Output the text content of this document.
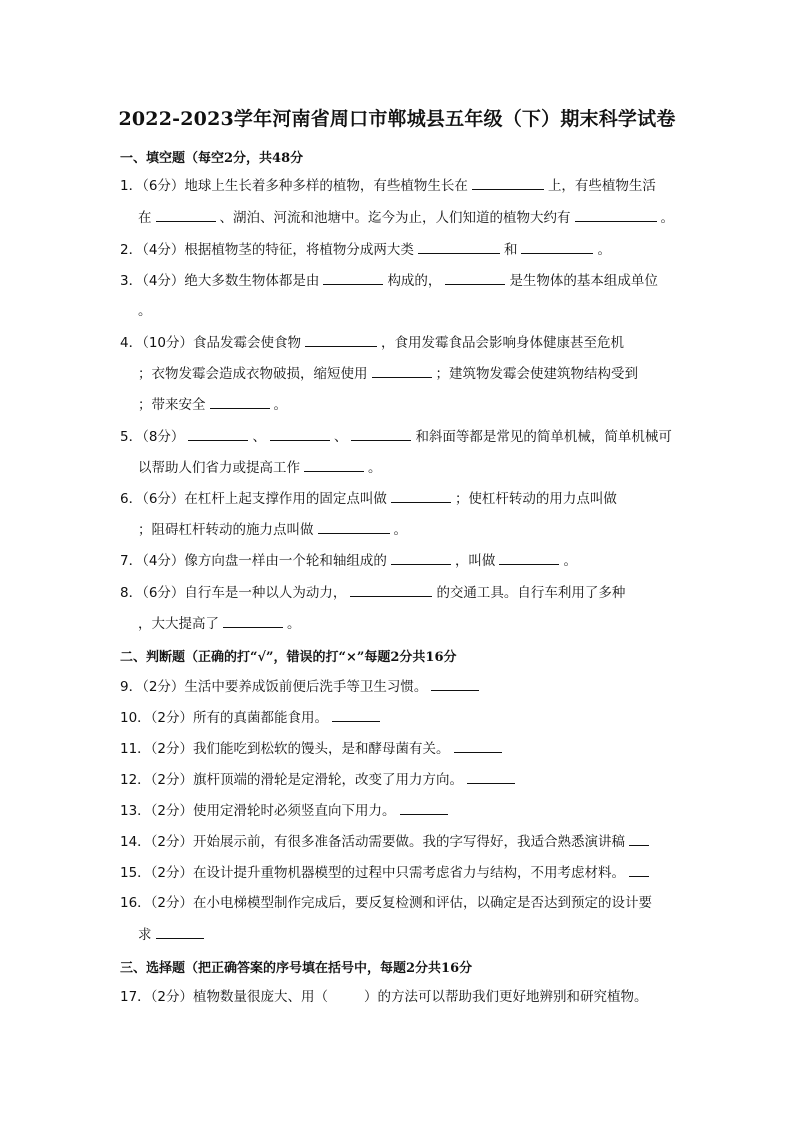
2022-2023学年河南省周口市郸城县五年级（下）期末科学试卷
一、填空题（每空2分，共48分
1．（6分）地球上生长着多种多样的植物，有些植物生长在	上，有些植物生活
在	、湖泊、河流和池塘中。迄今为止，人们知道的植物大约有	。
2．（4分）根据植物茎的特征，将植物分成两大类	和	。
3．（4分）绝大多数生物体都是由	构成的，	是生物体的基本组成单位
。
4．（10分）食品发霉会使食物	，食用发霉食品会影响身体健康甚至危机
；衣物发霉会造成衣物破损，缩短使用	；建筑物发霉会使建筑物结构受到
；带来安全	。
5．（8分）	、	、	和斜面等都是常见的简单机械，简单机械可
以帮助人们省力或提高工作	。
6．（6分）在杠杆上起支撑作用的固定点叫做	；使杠杆转动的用力点叫做
；阻碍杠杆转动的施力点叫做	。
7．（4分）像方向盘一样由一个轮和轴组成的	，叫做	。
8．（6分）自行车是一种以人为动力，	的交通工具。自行车利用了多种
，大大提高了	。
二、判断题（正确的打“√”，错误的打“×”每题2分共16分
9．（2分）生活中要养成饭前便后洗手等卫生习惯。
10．（2分）所有的真菌都能食用。
11．（2分）我们能吃到松软的馒头，是和酵母菌有关。
12．（2分）旗杆顶端的滑轮是定滑轮，改变了用力方向。
13．（2分）使用定滑轮时必须竖直向下用力。
14．（2分）开始展示前，有很多准备活动需要做。我的字写得好，我适合熟悉演讲稿
15．（2分）在设计提升重物机器模型的过程中只需考虑省力与结构，不用考虑材料。
16．（2分）在小电梯模型制作完成后，要反复检测和评估，以确定是否达到预定的设计要
求
三、选择题（把正确答案的序号填在括号中，每题2分共16分
17．（2分）植物数量很庞大、用（	）的方法可以帮助我们更好地辨别和研究植物。
